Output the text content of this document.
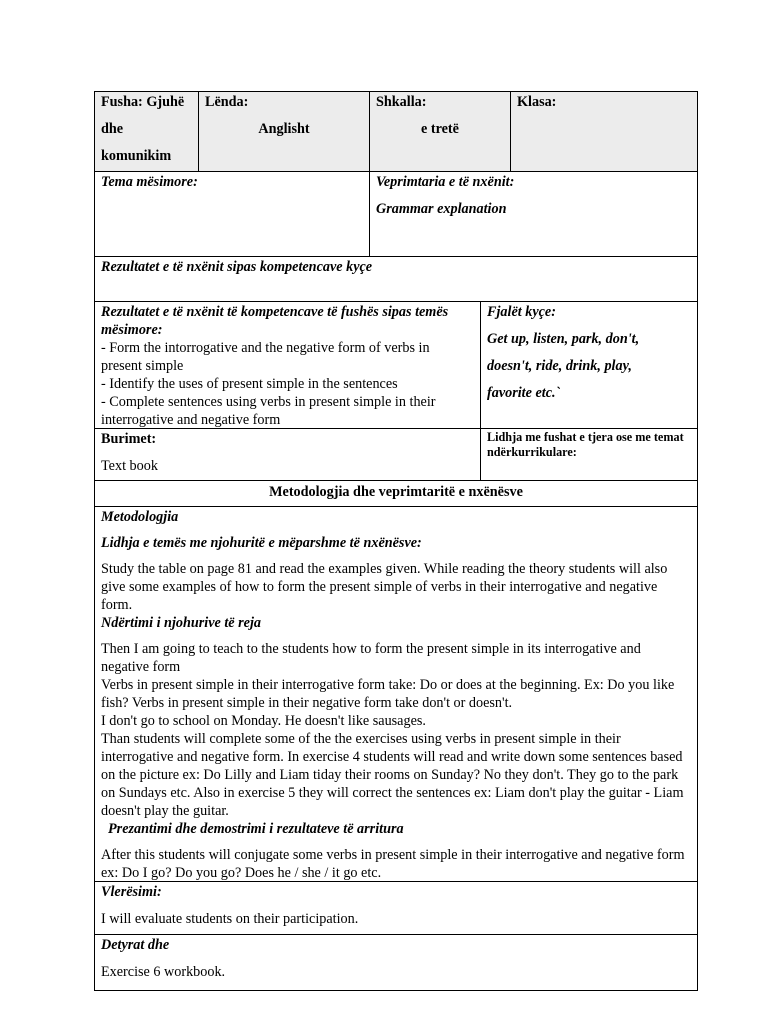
Fusha: Gjuhë
dhe
komunikim
Lënda:
Anglisht
Shkalla:
e tretë
Klasa:
Tema mësimore:	Veprimtaria e të nxënit:
Grammar explanation
Rezultatet e të nxënit sipas kompetencave kyçe
Rezultatet e të nxënit të kompetencave të fushës sipas temës mësimore:
- Form the intorrogative and the negative form of verbs in present simple
- Identify the uses of present simple in the sentences
- Complete sentences using verbs in present simple in their interrogative and negative form
Fjalët kyçe:
Get up, listen, park, don't,
doesn't, ride, drink, play,
favorite etc.`
Burimet:
Text book
Lidhja me fushat e tjera ose me temat ndërkurrikulare:
Metodologjia dhe veprimtaritë e nxënësve
Metodologjia
Lidhja e temës me njohuritë e mëparshme të nxënësve:
Study the table on page 81 and read the examples given. While reading the theory students will also give some examples of how to form the present simple of verbs in their interrogative and negative form.
Ndërtimi i njohurive të reja
Then I am going to teach to the students how to form the present simple in its interrogative and negative form
Verbs in present simple in their interrogative form take: Do or does at the beginning. Ex: Do you like fish? Verbs in present simple in their negative form take don't or doesn't.
I don't go to school on Monday. He doesn't like sausages.
Than students will complete some of the the exercises using verbs in present simple in their interrogative and negative form. In exercise 4 students will read and write down some sentences based on the picture ex: Do Lilly and Liam tiday their rooms on Sunday? No they don't. They go to the park on Sundays etc. Also in exercise 5 they will correct the sentences ex: Liam don't play the guitar - Liam doesn't play the guitar.
Prezantimi dhe demostrimi i rezultateve të arritura
After this students will conjugate some verbs in present simple in their interrogative and negative form ex: Do I go? Do you go? Does he / she / it go etc.
Vlerësimi:
I will evaluate students on their participation.
Detyrat dhe
Exercise 6 workbook.
